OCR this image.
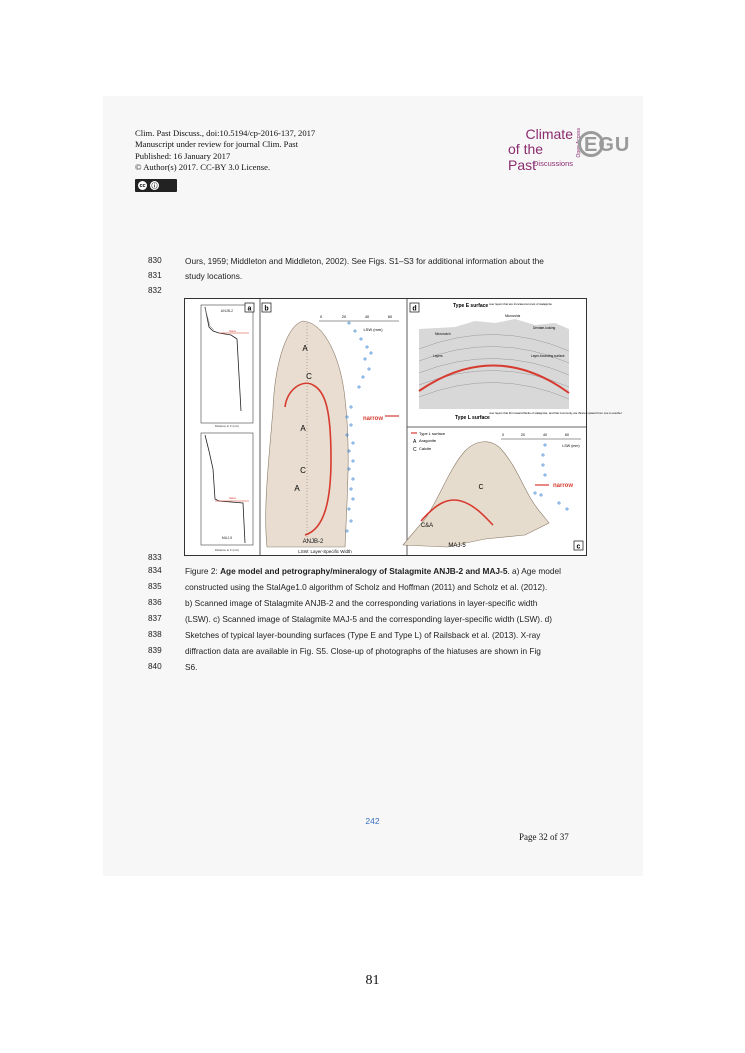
Clim. Past Discuss., doi:10.5194/cp-2016-137, 2017
Manuscript under review for journal Clim. Past
Published: 16 January 2017
© Author(s) 2017. CC-BY 3.0 License.
cc ⓘ
Climate
of the Past
Discussions
Open Access EGU
830	Ours, 1959; Middleton and Middleton, 2002). See Figs. S1–S3 for additional information about the
831	study locations.
832
ANJB-2
hiatus
Distance to X (mm)
hiatus
MAJ-5
Distance to X (mm)
a b
A
C
A
C
A
ANJB-2
LSW: Layer-Specific Width
0	20	40	60
LSW (mm)
narrow
d	Type E surface over layers that are truncated at crest of stalagmite
Micronotch
Microvoids
Dentate-looking
Layers	Layer-bounding surface
Type L surface
over layers that thin toward flanks of stalagmite, and that commonly are thinner upward from one to another
Type L surface
A Aragonite
C Calcite
C
C&A
MAJ-5
0	20	40	60
LSW (mm)
narrow
c
833
834	Figure 2: Age model and petrography/mineralogy of Stalagmite ANJB-2 and MAJ-5. a) Age model
835	constructed using the StalAge1.0 algorithm of Scholz and Hoffman (2011) and Scholz et al. (2012).
836	b) Scanned image of Stalagmite ANJB-2 and the corresponding variations in layer-specific width
837	(LSW). c) Scanned image of Stalagmite MAJ-5 and the corresponding layer-specific width (LSW). d)
838	Sketches of typical layer-bounding surfaces (Type E and Type L) of Railsback et al. (2013). X-ray
839	diffraction data are available in Fig. S5. Close-up of photographs of the hiatuses are shown in Fig
840	S6.
242
Page 32 of 37
81
